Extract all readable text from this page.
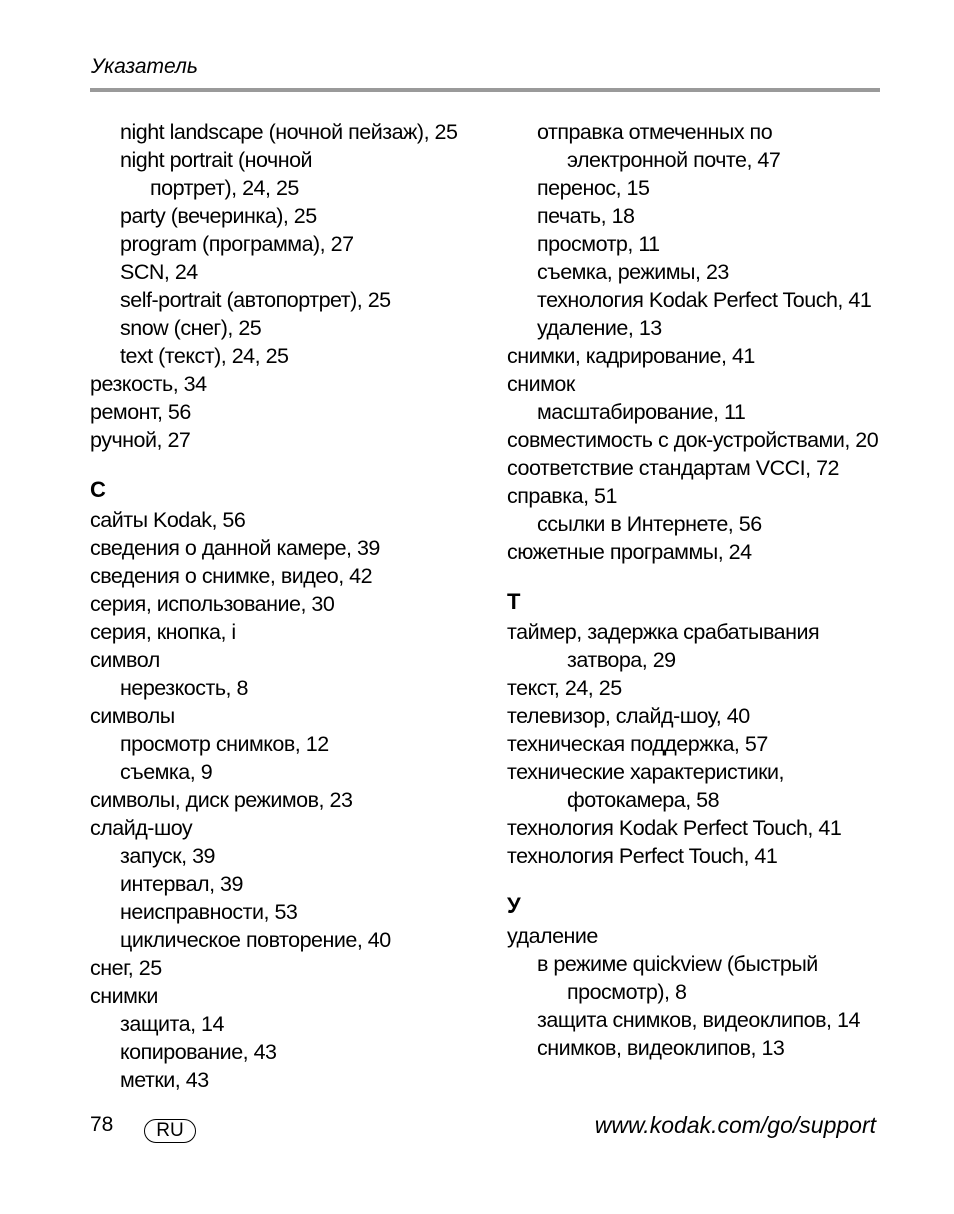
Указатель
night landscape (ночной пейзаж), 25
night portrait (ночной
портрет), 24, 25
party (вечеринка), 25
program (программа), 27
SCN, 24
self-portrait (автопортрет), 25
snow (снег), 25
text (текст), 24, 25
резкость, 34
ремонт, 56
ручной, 27
С
сайты Kodak, 56
сведения о данной камере, 39
сведения о снимке, видео, 42
серия, использование, 30
серия, кнопка, i
символ
нерезкость, 8
символы
просмотр снимков, 12
съемка, 9
символы, диск режимов, 23
слайд-шоу
запуск, 39
интервал, 39
неисправности, 53
циклическое повторение, 40
снег, 25
снимки
защита, 14
копирование, 43
метки, 43
отправка отмеченных по
электронной почте, 47
перенос, 15
печать, 18
просмотр, 11
съемка, режимы, 23
технология Kodak Perfect Touch, 41
удаление, 13
снимки, кадрирование, 41
снимок
масштабирование, 11
совместимость с док-устройствами, 20
соответствие стандартам VCCI, 72
справка, 51
ссылки в Интернете, 56
сюжетные программы, 24
Т
таймер, задержка срабатывания
затвора, 29
текст, 24, 25
телевизор, слайд-шоу, 40
техническая поддержка, 57
технические характеристики,
фотокамера, 58
технология Kodak Perfect Touch, 41
технология Perfect Touch, 41
У
удаление
в режиме quickview (быстрый
просмотр), 8
защита снимков, видеоклипов, 14
снимков, видеоклипов, 13
78	RU	www.kodak.com/go/support
